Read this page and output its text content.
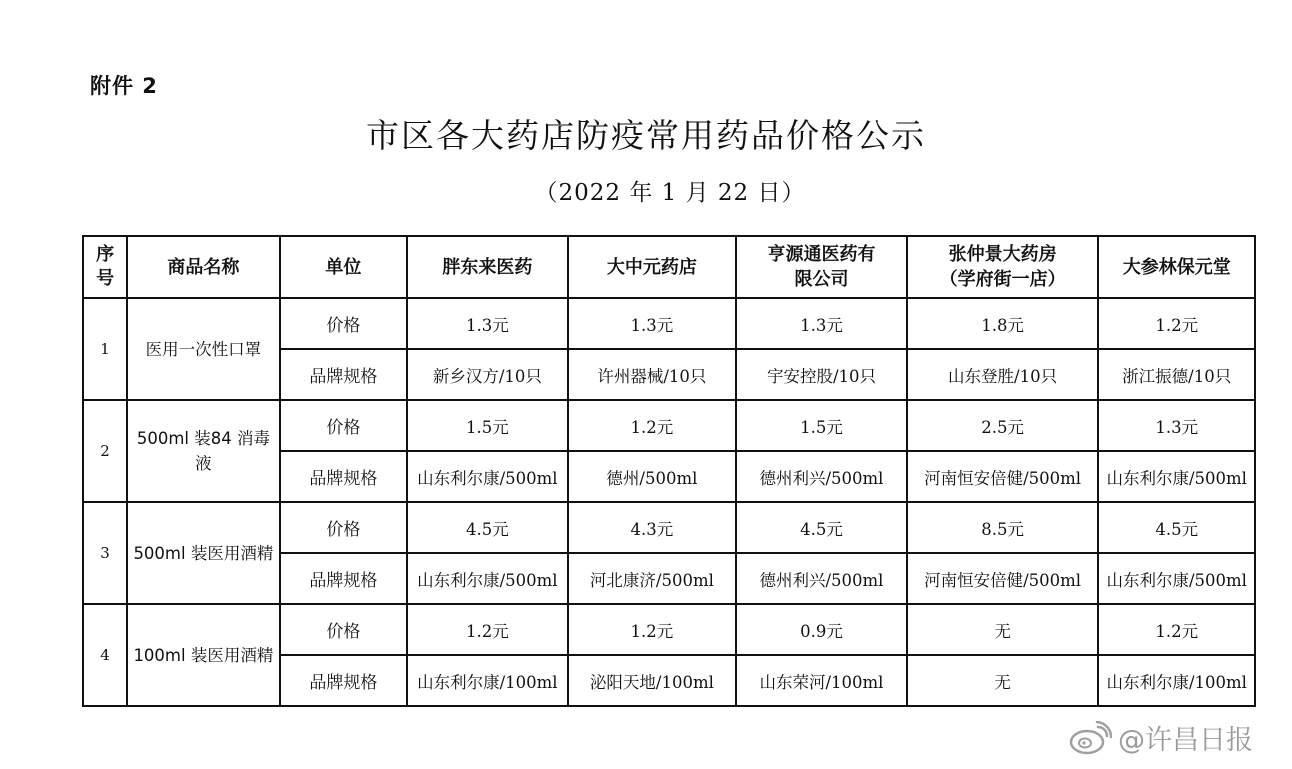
附件 2
市区各大药店防疫常用药品价格公示
（2022 年 1 月 22 日）
序号	商品名称	单位	胖东来医药	大中元药店	亨源通医药有限公司	张仲景大药房（学府街一店）	大参林保元堂
1	医用一次性口罩	价格	1.3元	1.3元	1.3元	1.8元	1.2元
		品牌规格	新乡汉方/10只	许州器械/10只	宇安控股/10只	山东登胜/10只	浙江振德/10只
2	500ml 装84 消毒液	价格	1.5元	1.2元	1.5元	2.5元	1.3元
		品牌规格	山东利尔康/500ml	德州/500ml	德州利兴/500ml	河南恒安倍健/500ml	山东利尔康/500ml
3	500ml 装医用酒精	价格	4.5元	4.3元	4.5元	8.5元	4.5元
		品牌规格	山东利尔康/500ml	河北康济/500ml	德州利兴/500ml	河南恒安倍健/500ml	山东利尔康/500ml
4	100ml 装医用酒精	价格	1.2元	1.2元	0.9元	无	1.2元
		品牌规格	山东利尔康/100ml	泌阳天地/100ml	山东荣河/100ml	无	山东利尔康/100ml
@许昌日报
